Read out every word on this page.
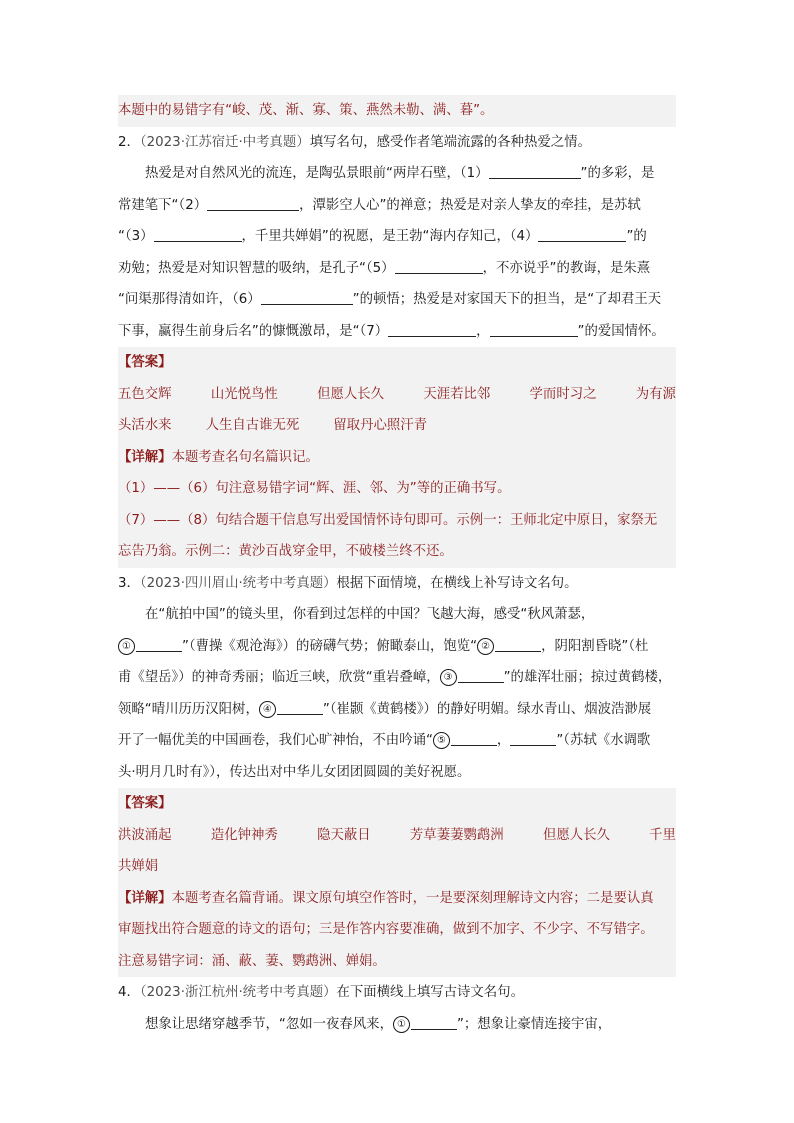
本题中的易错字有“峻、茂、渐、寡、策、燕然未勒、满、暮”。
2．（2023·江苏宿迁·中考真题）填写名句，感受作者笔端流露的各种热爱之情。
热爱是对自然风光的流连，是陶弘景眼前“两岸石壁，（1）	”的多彩，是
常建笔下“（2）	，潭影空人心”的禅意；热爱是对亲人挚友的牵挂，是苏轼
“（3）	，千里共婵娟”的祝愿，是王勃“海内存知己，（4）	”的
劝勉；热爱是对知识智慧的吸纳，是孔子“（5）	，不亦说乎”的教诲，是朱熹
“问渠那得清如许，（6）	”的顿悟；热爱是对家国天下的担当，是“了却君王天
下事，赢得生前身后名”的慷慨激昂，是“（7）	，	”的爱国情怀。
【答案】
五色交辉	山光悦鸟性	但愿人长久	天涯若比邻	学而时习之	为有源
头活水来	人生自古谁无死	留取丹心照汗青
【详解】本题考查名句名篇识记。
（1）——（6）句注意易错字词“辉、涯、邻、为”等的正确书写。
（7）——（8）句结合题干信息写出爱国情怀诗句即可。示例一：王师北定中原日，家祭无
忘告乃翁。示例二：黄沙百战穿金甲，不破楼兰终不还。
3．（2023·四川眉山·统考中考真题）根据下面情境，在横线上补写诗文名句。
在“航拍中国”的镜头里，你看到过怎样的中国？飞越大海，感受“秋风萧瑟，
①	”（曹操《观沧海》）的磅礴气势；俯瞰泰山，饱览“ ②	，阴阳割昏晓”（杜
甫《望岳》）的神奇秀丽；临近三峡，欣赏“重岩叠嶂， ③	”的雄浑壮丽；掠过黄鹤楼，
领略“晴川历历汉阳树， ④	”（崔颢《黄鹤楼》）的静好明媚。绿水青山、烟波浩渺展
开了一幅优美的中国画卷，我们心旷神怡，不由吟诵“ ⑤	，	”（苏轼《水调歌
头·明月几时有》），传达出对中华儿女团团圆圆的美好祝愿。
【答案】
洪波涌起	造化钟神秀	隐天蔽日	芳草萋萋鹦鹉洲	但愿人长久	千里
共婵娟
【详解】本题考查名篇背诵。课文原句填空作答时，一是要深刻理解诗文内容；二是要认真
审题找出符合题意的诗文的语句；三是作答内容要准确，做到不加字、不少字、不写错字。
注意易错字词：涌、蔽、萋、鹦鹉洲、婵娟。
4．（2023·浙江杭州·统考中考真题）在下面横线上填写古诗文名句。
想象让思绪穿越季节，“忽如一夜春风来， ①	”；想象让豪情连接宇宙，
